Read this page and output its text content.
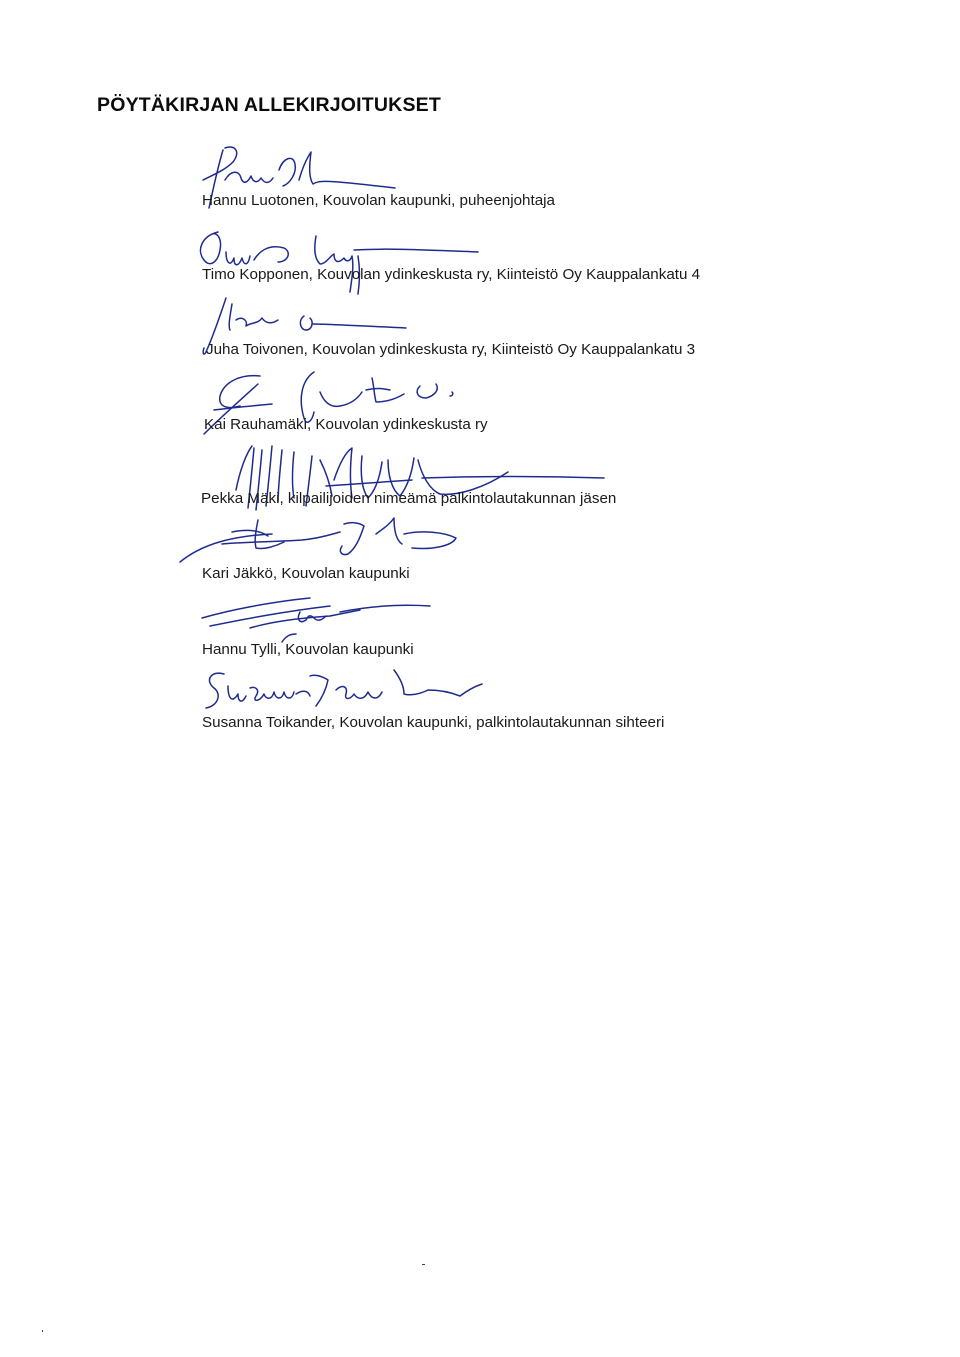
PÖYTÄKIRJAN ALLEKIRJOITUKSET
Hannu Luotonen, Kouvolan kaupunki, puheenjohtaja
Timo Kopponen, Kouvolan ydinkeskusta ry, Kiinteistö Oy Kauppalankatu 4
Juha Toivonen, Kouvolan ydinkeskusta ry, Kiinteistö Oy Kauppalankatu 3
Kai Rauhamäki, Kouvolan ydinkeskusta ry
Pekka Mäki, kilpailijoiden nimeämä palkintolautakunnan jäsen
Kari Jäkkö, Kouvolan kaupunki
Hannu Tylli, Kouvolan kaupunki
Susanna Toikander, Kouvolan kaupunki, palkintolautakunnan sihteeri
